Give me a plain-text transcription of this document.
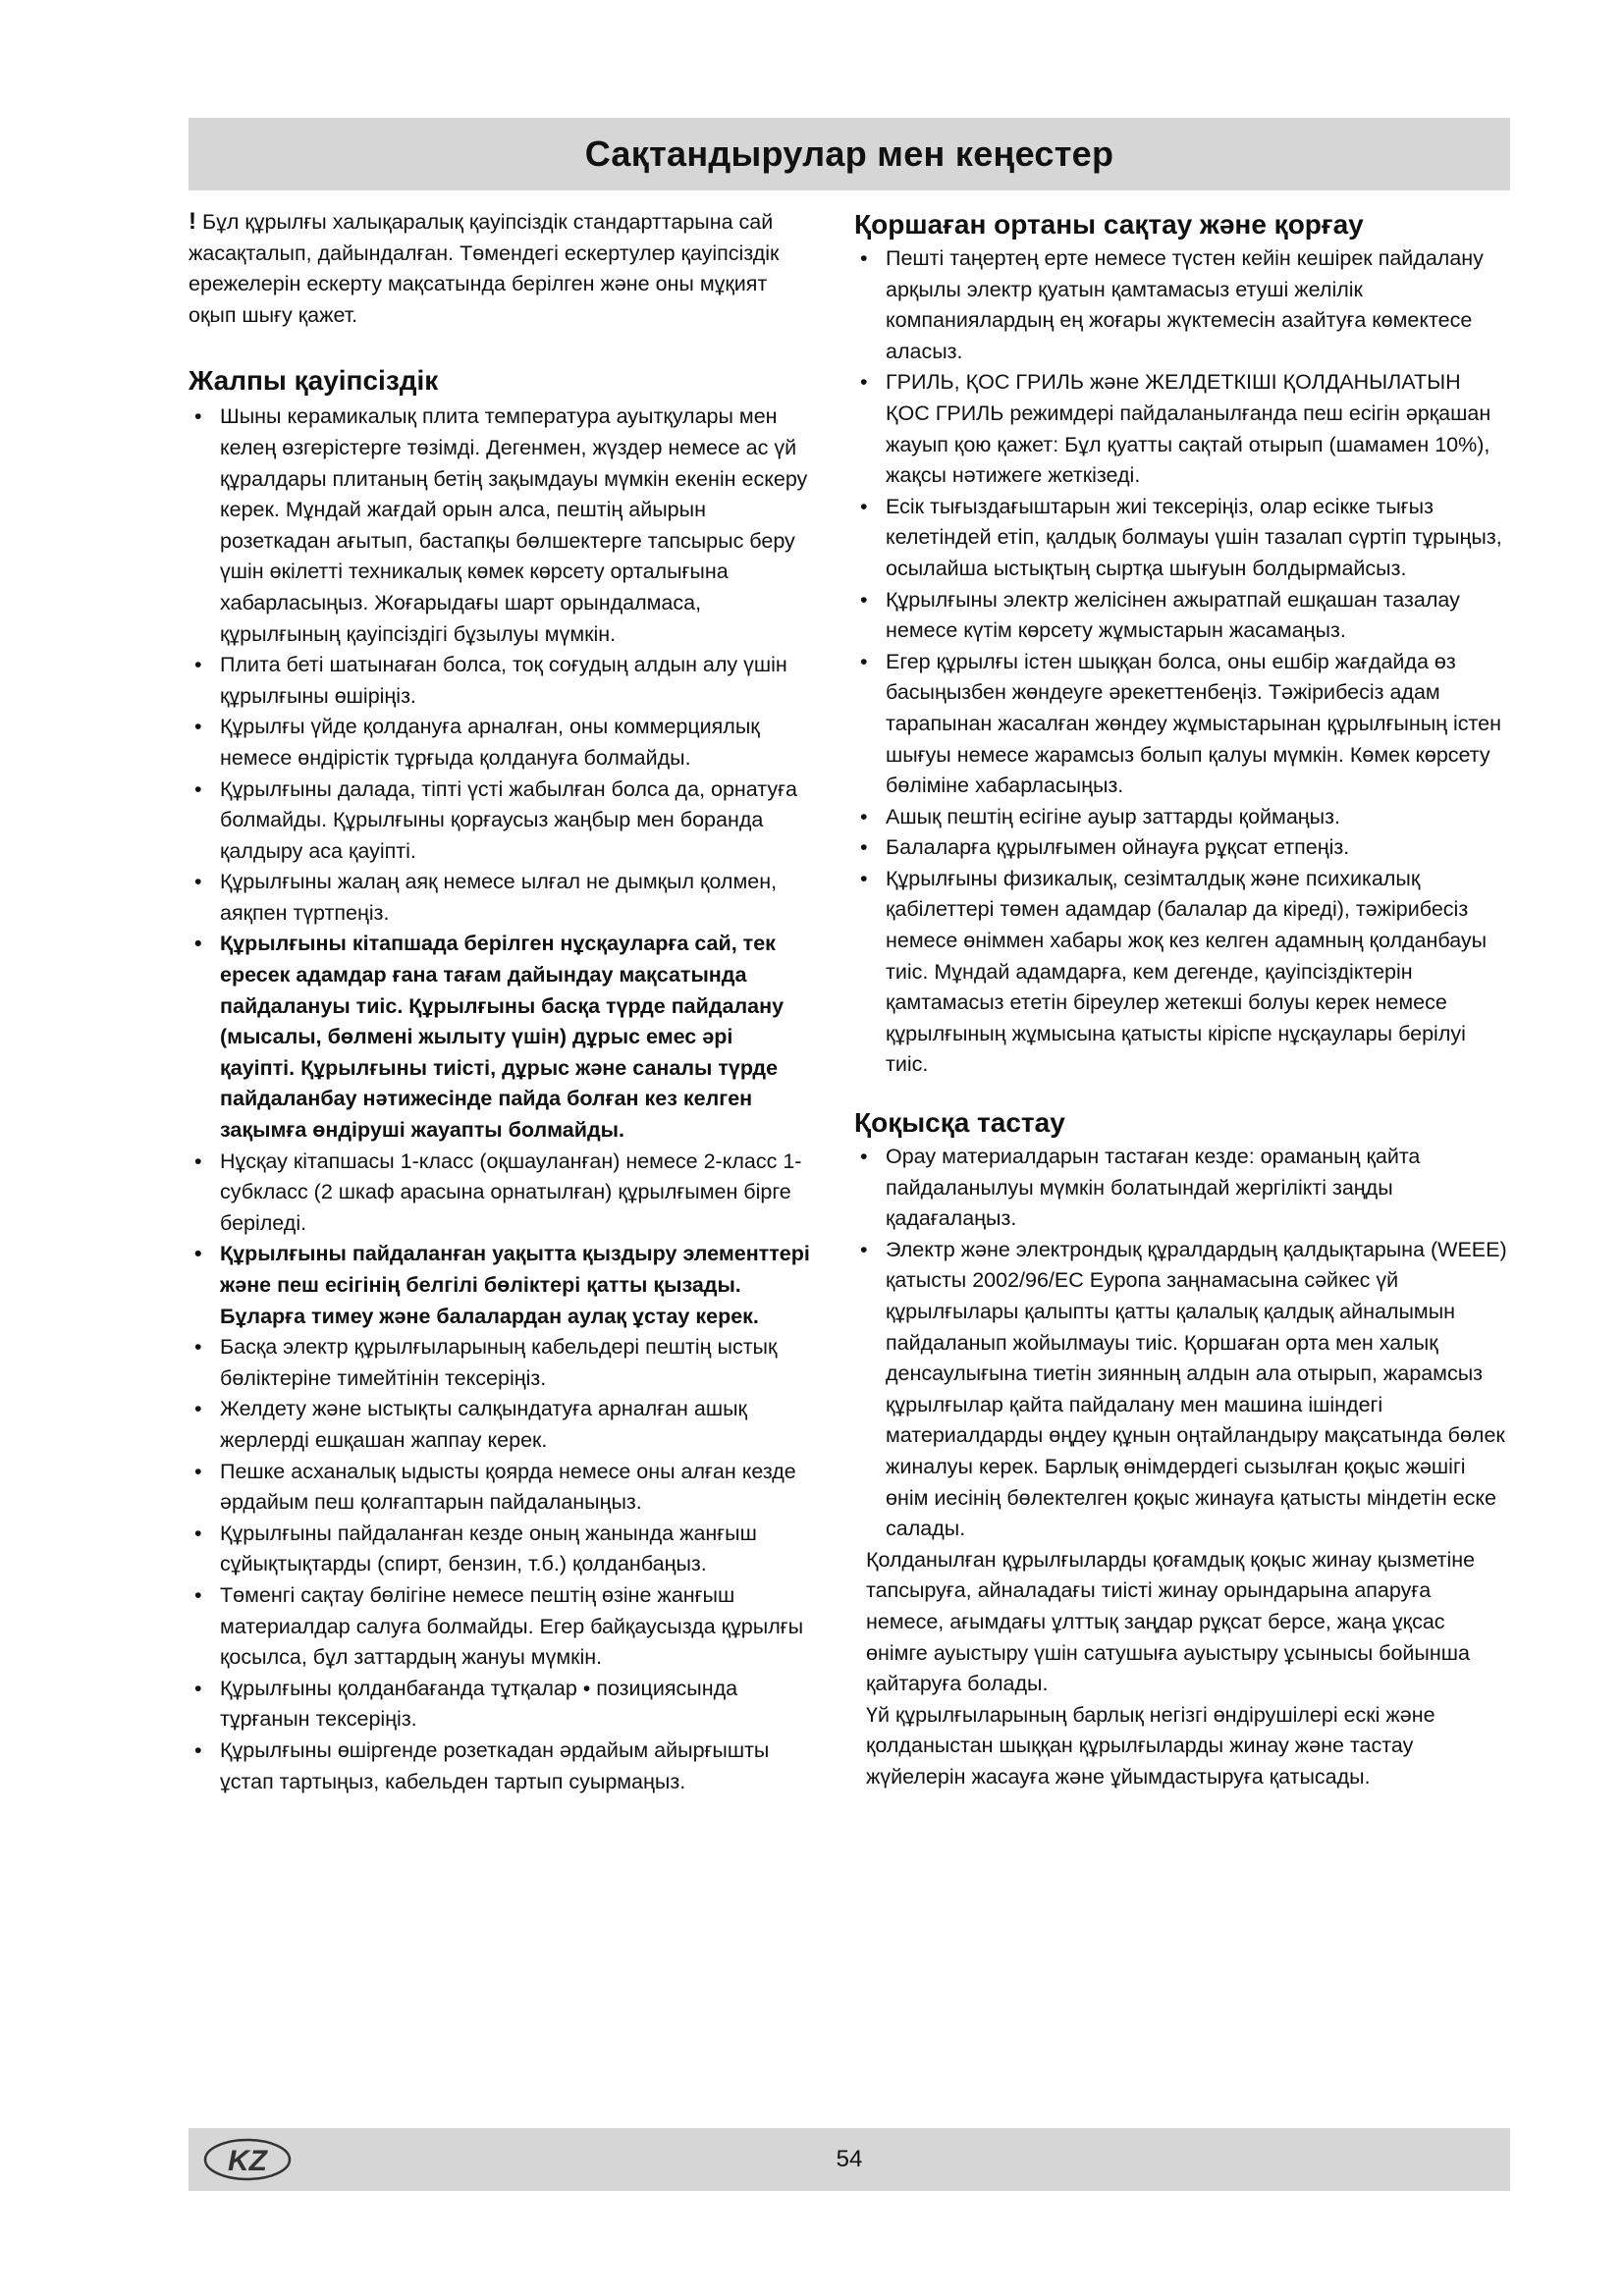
Сақтандырулар мен кеңестер

! Бұл құрылғы халықаралық қауіпсіздік стандарттарына сай жасақталып, дайындалған. Төмендегі ескертулер қауіпсіздік ережелерін ескерту мақсатында берілген және оны мұқият оқып шығу қажет.

Жалпы қауіпсіздік
• Шыны керамикалық плита температура ауытқулары мен келең өзгерістерге төзімді. Дегенмен, жүздер немесе ас үй құралдары плитаның бетің зақымдауы мүмкін екенін ескеру керек. Мұндай жағдай орын алса, пештің айырын розеткадан ағытып, бастапқы бөлшектерге тапсырыс беру үшін өкілетті техникалық көмек көрсету орталығына хабарласыңыз. Жоғарыдағы шарт орындалмаса, құрылғының қауіпсіздігі бұзылуы мүмкін.
• Плита беті шатынаған болса, тоқ соғудың алдын алу үшін құрылғыны өшіріңіз.
• Құрылғы үйде қолдануға арналған, оны коммерциялық немесе өндірістік тұрғыда қолдануға болмайды.
• Құрылғыны далада, тіпті үсті жабылған болса да, орнатуға болмайды. Құрылғыны қорғаусыз жаңбыр мен боранда қалдыру аса қауіпті.
• Құрылғыны жалаң аяқ немесе ылғал не дымқыл қолмен, аяқпен түртпеңіз.
• Құрылғыны кітапшада берілген нұсқауларға сай, тек ересек адамдар ғана тағам дайындау мақсатында пайдалануы тиіс. Құрылғыны басқа түрде пайдалану (мысалы, бөлмені жылыту үшін) дұрыс емес әрі қауіпті. Құрылғыны тиісті, дұрыс және саналы түрде пайдаланбау нәтижесінде пайда болған кез келген зақымға өндіруші жауапты болмайды.
• Нұсқау кітапшасы 1-класс (оқшауланған) немесе 2-класс 1-субкласс (2 шкаф арасына орнатылған) құрылғымен бірге беріледі.
• Құрылғыны пайдаланған уақытта қыздыру элементтері және пеш есігінің белгілі бөліктері қатты қызады. Бұларға тимеу және балалардан аулақ ұстау керек.
• Басқа электр құрылғыларының кабельдері пештің ыстық бөліктеріне тимейтінін тексеріңіз.
• Желдету және ыстықты салқындатуға арналған ашық жерлерді ешқашан жаппау керек.
• Пешке асханалық ыдысты қоярда немесе оны алған кезде әрдайым пеш қолғаптарын пайдаланыңыз.
• Құрылғыны пайдаланған кезде оның жанында жанғыш сұйықтықтарды (спирт, бензин, т.б.) қолданбаңыз.
• Төменгі сақтау бөлігіне немесе пештің өзіне жанғыш материалдар салуға болмайды. Егер байқаусызда құрылғы қосылса, бұл заттардың жануы мүмкін.
• Құрылғыны қолданбағанда тұтқалар • позициясында тұрғанын тексеріңіз.
• Құрылғыны өшіргенде розеткадан әрдайым айырғышты ұстап тартыңыз, кабельден тартып суырмаңыз.
Қоршаған ортаны сақтау және қорғау
• Пешті таңертең ерте немесе түстен кейін кешірек пайдалану арқылы электр қуатын қамтамасыз етуші желілік компаниялардың ең жоғары жүктемесін азайтуға көмектесе аласыз.
• ГРИЛЬ, ҚОС ГРИЛЬ және ЖЕЛДЕТКІШІ ҚОЛДАНЫЛАТЫН ҚОС ГРИЛЬ режимдері пайдаланылғанда пеш есігін әрқашан жауып қою қажет: Бұл қуатты сақтай отырып (шамамен 10%), жақсы нәтижеге жеткізеді.
• Есік тығыздағыштарын жиі тексеріңіз, олар есікке тығыз келетіндей етіп, қалдық болмауы үшін тазалап сүртіп тұрыңыз, осылайша ыстықтың сыртқа шығуын болдырмайсыз.
• Құрылғыны электр желісінен ажыратпай ешқашан тазалау немесе күтім көрсету жұмыстарын жасамаңыз.
• Егер құрылғы істен шыққан болса, оны ешбір жағдайда өз басыңызбен жөндеуге әрекеттенбеңіз. Тәжірибесіз адам тарапынан жасалған жөндеу жұмыстарынан құрылғының істен шығуы немесе жарамсыз болып қалуы мүмкін. Көмек көрсету бөліміне хабарласыңыз.
• Ашық пештің есігіне ауыр заттарды қоймаңыз.
• Балаларға құрылғымен ойнауға рұқсат етпеңіз.
• Құрылғыны физикалық, сезімталдық және психикалық қабілеттері төмен адамдар (балалар да кіреді), тәжірибесіз немесе өніммен хабары жоқ кез келген адамның қолданбауы тиіс. Мұндай адамдарға, кем дегенде, қауіпсіздіктерін қамтамасыз ететін біреулер жетекші болуы керек немесе құрылғының жұмысына қатысты кіріспе нұсқаулары берілуі тиіс.
Қоқысқа тастау
• Орау материалдарын тастаған кезде: ораманың қайта пайдаланылуы мүмкін болатындай жергілікті заңды қадағалаңыз.
• Электр және электрондық құралдардың қалдықтарына (WEEE) қатысты 2002/96/EC Еуропа заңнамасына сәйкес үй құрылғылары қалыпты қатты қалалық қалдық айналымын пайдаланып жойылмауы тиіс. Қоршаған орта мен халық денсаулығына тиетін зиянның алдын ала отырып, жарамсыз құрылғылар қайта пайдалану мен машина ішіндегі материалдарды өңдеу құнын оңтайландыру мақсатында бөлек жиналуы керек. Барлық өнімдердегі сызылған қоқыс жәшігі өнім иесінің бөлектелген қоқыс жинауға қатысты міндетін еске салады.

Қолданылған құрылғыларды қоғамдық қоқыс жинау қызметіне тапсыруға, айналадағы тиісті жинау орындарына апаруға немесе, ағымдағы ұлттық заңдар рұқсат берсе, жаңа ұқсас өнімге ауыстыру үшін сатушыға ауыстыру ұсынысы бойынша қайтаруға болады.

Үй құрылғыларының барлық негізгі өндірушілері ескі және қолданыстан шыққан құрылғыларды жинау және тастау жүйелерін жасауға және ұйымдастыруға қатысады.

KZ	54
